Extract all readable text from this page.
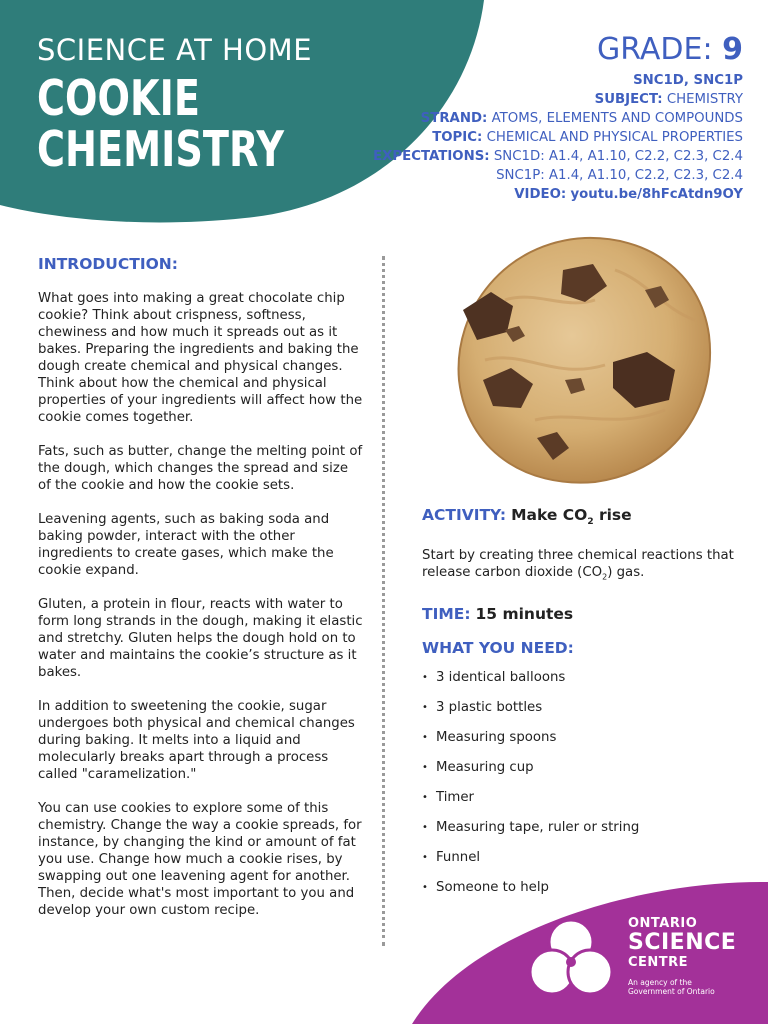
SCIENCE AT HOME
COOKIE
CHEMISTRY
GRADE: 9
SNC1D, SNC1P
SUBJECT: CHEMISTRY
STRAND: ATOMS, ELEMENTS AND COMPOUNDS
TOPIC: CHEMICAL AND PHYSICAL PROPERTIES
EXPECTATIONS: SNC1D: A1.4, A1.10, C2.2, C2.3, C2.4
SNC1P: A1.4, A1.10, C2.2, C2.3, C2.4
VIDEO: youtu.be/8hFcAtdn9OY
INTRODUCTION:

What goes into making a great chocolate chip cookie? Think about crispness, softness, chewiness and how much it spreads out as it bakes. Preparing the ingredients and baking the dough create chemical and physical changes. Think about how the chemical and physical properties of your ingredients will affect how the cookie comes together.

Fats, such as butter, change the melting point of the dough, which changes the spread and size of the cookie and how the cookie sets.

Leavening agents, such as baking soda and baking powder, interact with the other ingredients to create gases, which make the cookie expand.

Gluten, a protein in flour, reacts with water to form long strands in the dough, making it elastic and stretchy. Gluten helps the dough hold on to water and maintains the cookie’s structure as it bakes.

In addition to sweetening the cookie, sugar undergoes both physical and chemical changes during baking. It melts into a liquid and molecularly breaks apart through a process called "caramelization."

You can use cookies to explore some of this chemistry. Change the way a cookie spreads, for instance, by changing the kind or amount of fat you use. Change how much a cookie rises, by swapping out one leavening agent for another. Then, decide what's most important to you and develop your own custom recipe.

ACTIVITY: Make $CO_2$ rise
Start by creating three chemical reactions that release carbon dioxide $(CO_2)$ gas.
TIME: 15 minutes
WHAT YOU NEED:
• 3 identical balloons
• 3 plastic bottles
• Measuring spoons
• Measuring cup
• Timer
• Measuring tape, ruler or string
• Funnel
• Someone to help
ONTARIO
SCIENCE
CENTRE
An agency of the Government of Ontario
